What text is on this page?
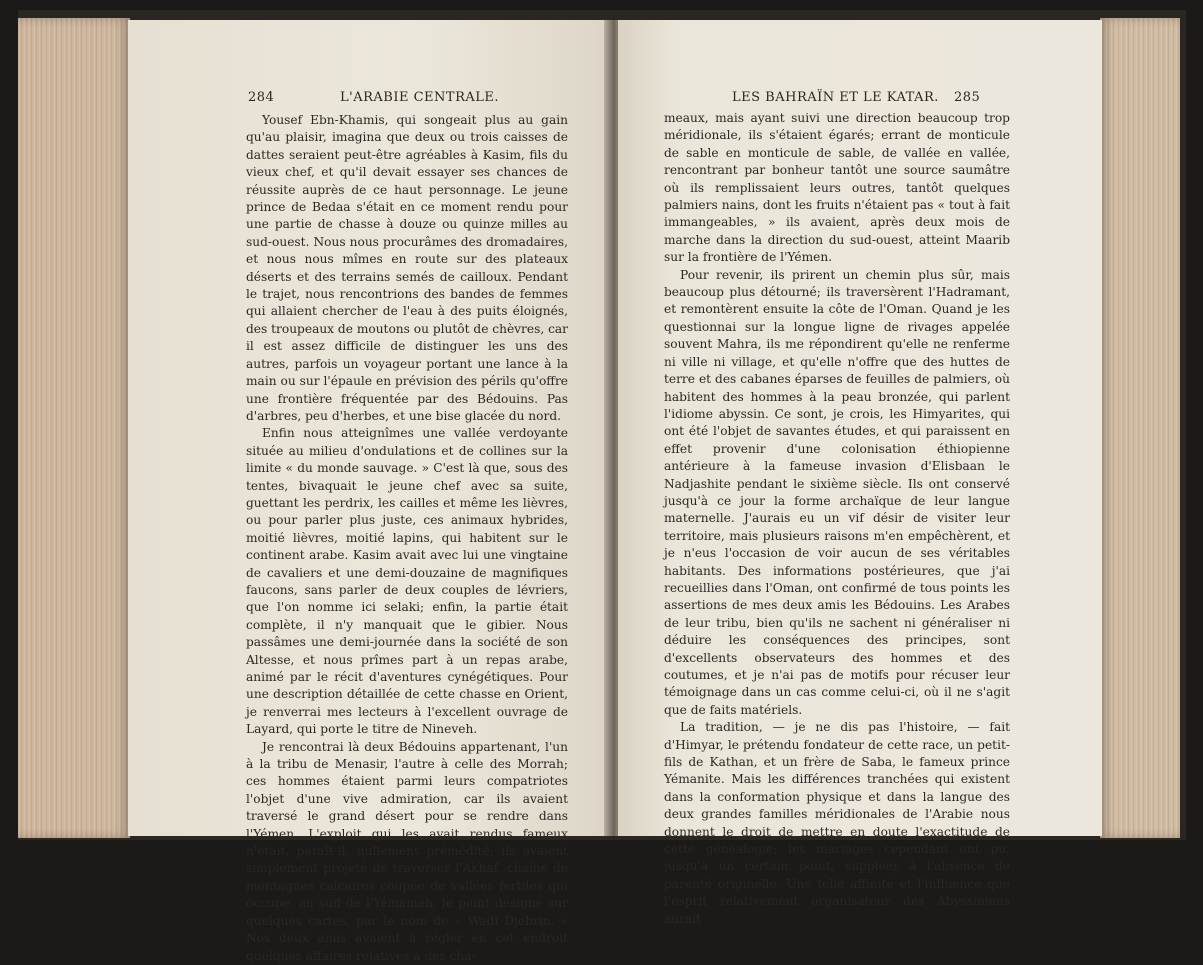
284	L'ARABIE CENTRALE.

Yousef Ebn-Khamis, qui songeait plus au gain qu'au plaisir, imagina que deux ou trois caisses de dattes seraient peut-être agréables à Kasim, fils du vieux chef, et qu'il devait essayer ses chances de réussite auprès de ce haut personnage. Le jeune prince de Bedaa s'était en ce moment rendu pour une partie de chasse à douze ou quinze milles au sud-ouest. Nous nous procurâmes des dromadaires, et nous nous mîmes en route sur des plateaux déserts et des terrains semés de cailloux. Pendant le trajet, nous rencontrions des bandes de femmes qui allaient chercher de l'eau à des puits éloignés, des troupeaux de moutons ou plutôt de chèvres, car il est assez difficile de distinguer les uns des autres, parfois un voyageur portant une lance à la main ou sur l'épaule en prévision des périls qu'offre une frontière fréquentée par des Bédouins. Pas d'arbres, peu d'herbes, et une bise glacée du nord.

Enfin nous atteignîmes une vallée verdoyante située au milieu d'ondulations et de collines sur la limite « du monde sauvage. » C'est là que, sous des tentes, bivaquait le jeune chef avec sa suite, guettant les perdrix, les cailles et même les lièvres, ou pour parler plus juste, ces animaux hybrides, moitié lièvres, moitié lapins, qui habitent sur le continent arabe. Kasim avait avec lui une vingtaine de cavaliers et une demi-douzaine de magnifiques faucons, sans parler de deux couples de lévriers, que l'on nomme ici selaki; enfin, la partie était complète, il n'y manquait que le gibier. Nous passâmes une demi-journée dans la société de son Altesse, et nous prîmes part à un repas arabe, animé par le récit d'aventures cynégétiques. Pour une description détaillée de cette chasse en Orient, je renverrai mes lecteurs à l'excellent ouvrage de Layard, qui porte le titre de Nineveh.

Je rencontrai là deux Bédouins appartenant, l'un à la tribu de Menasir, l'autre à celle des Morrah; ces hommes étaient parmi leurs compatriotes l'objet d'une vive admiration, car ils avaient traversé le grand désert pour se rendre dans l'Yémen. L'exploit qui les avait rendus fameux n'était, paraît-il, nullement prémédité; ils avaient simplement projeté de traverser l'Akhaf, chaîne de montagnes calcaires coupée de vallées fertiles qui occupe, au sud de l'Yémamah, le point désigné sur quelques cartes, par le nom de « Wadi Djebrin. » Nos deux amis avaient à régler en cet endroit quelques affaires relatives à des cha-

LES BAHRAÏN ET LE KATAR. 285

meaux, mais ayant suivi une direction beaucoup trop méridionale, ils s'étaient égarés; errant de monticule de sable en monticule de sable, de vallée en vallée, rencontrant par bonheur tantôt une source saumâtre où ils remplissaient leurs outres, tantôt quelques palmiers nains, dont les fruits n'étaient pas « tout à fait immangeables, » ils avaient, après deux mois de marche dans la direction du sud-ouest, atteint Maarib sur la frontière de l'Yémen.

Pour revenir, ils prirent un chemin plus sûr, mais beaucoup plus détourné; ils traversèrent l'Hadramant, et remontèrent ensuite la côte de l'Oman. Quand je les questionnai sur la longue ligne de rivages appelée souvent Mahra, ils me répondirent qu'elle ne renferme ni ville ni village, et qu'elle n'offre que des huttes de terre et des cabanes éparses de feuilles de palmiers, où habitent des hommes à la peau bronzée, qui parlent l'idiome abyssin. Ce sont, je crois, les Himyarites, qui ont été l'objet de savantes études, et qui paraissent en effet provenir d'une colonisation éthiopienne antérieure à la fameuse invasion d'Elisbaan le Nadjashite pendant le sixième siècle. Ils ont conservé jusqu'à ce jour la forme archaïque de leur langue maternelle. J'aurais eu un vif désir de visiter leur territoire, mais plusieurs raisons m'en empêchèrent, et je n'eus l'occasion de voir aucun de ses véritables habitants. Des informations postérieures, que j'ai recueillies dans l'Oman, ont confirmé de tous points les assertions de mes deux amis les Bédouins. Les Arabes de leur tribu, bien qu'ils ne sachent ni généraliser ni déduire les conséquences des principes, sont d'excellents observateurs des hommes et des coutumes, et je n'ai pas de motifs pour récuser leur témoignage dans un cas comme celui-ci, où il ne s'agit que de faits matériels.

La tradition, — je ne dis pas l'histoire, — fait d'Himyar, le prétendu fondateur de cette race, un petit-fils de Kathan, et un frère de Saba, le fameux prince Yémanite. Mais les différences tranchées qui existent dans la conformation physique et dans la langue des deux grandes familles méridionales de l'Arabie nous donnent le droit de mettre en doute l'exactitude de cette généalogie; les mariages cependant ont pu, jusqu'à un certain point, suppléer à l'absence de parenté originelle. Une telle affinité et l'influence que l'esprit relativement organisateur des Abyssiniens aurait
